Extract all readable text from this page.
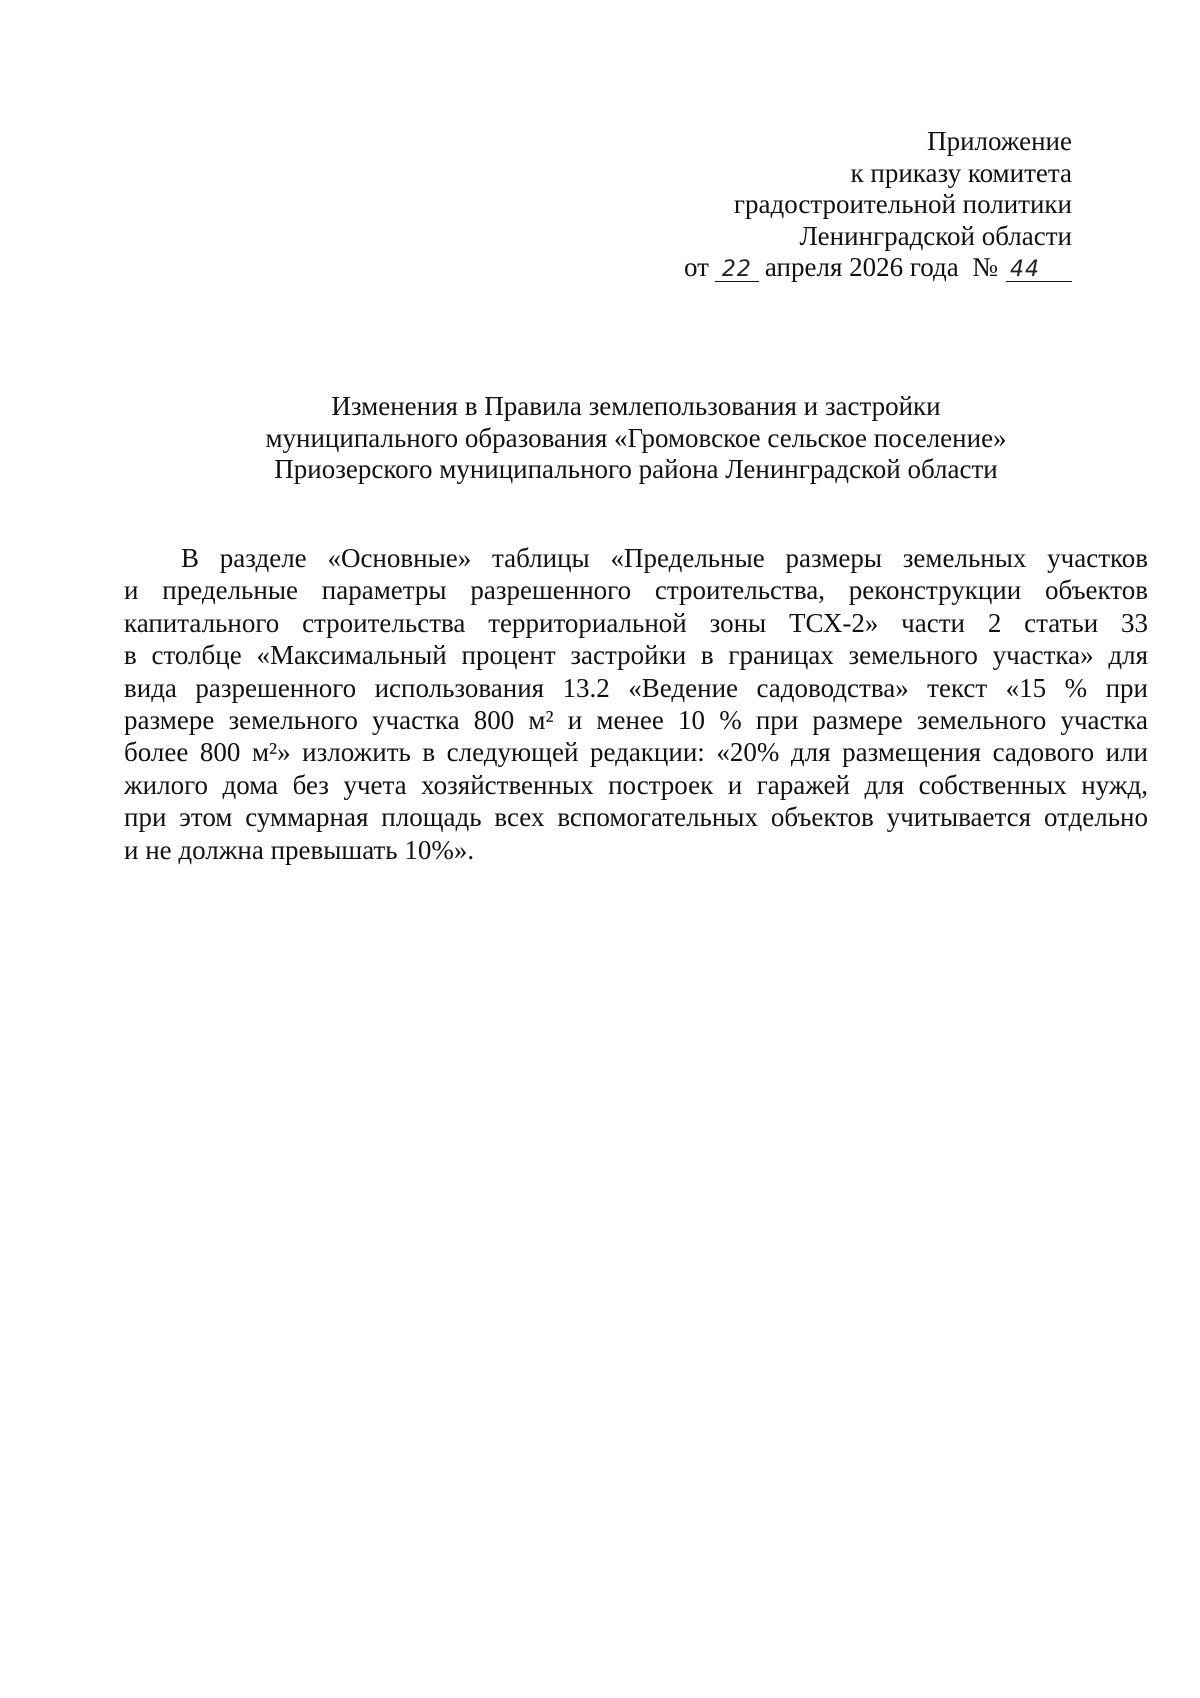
Приложение
к приказу комитета
градостроительной политики
Ленинградской области
от 22 апреля 2026 года № 44
Изменения в Правила землепользования и застройки
муниципального образования «Громовское сельское поселение»
Приозерского муниципального района Ленинградской области
В разделе «Основные» таблицы «Предельные размеры земельных участков
и предельные параметры разрешенного строительства, реконструкции объектов
капитального строительства территориальной зоны ТСХ-2» части 2 статьи 33
в столбце «Максимальный процент застройки в границах земельного участка» для
вида разрешенного использования 13.2 «Ведение садоводства» текст «15 % при
размере земельного участка 800 м² и менее 10 % при размере земельного участка
более 800 м²» изложить в следующей редакции: «20% для размещения садового или
жилого дома без учета хозяйственных построек и гаражей для собственных нужд,
при этом суммарная площадь всех вспомогательных объектов учитывается отдельно
и не должна превышать 10%».
